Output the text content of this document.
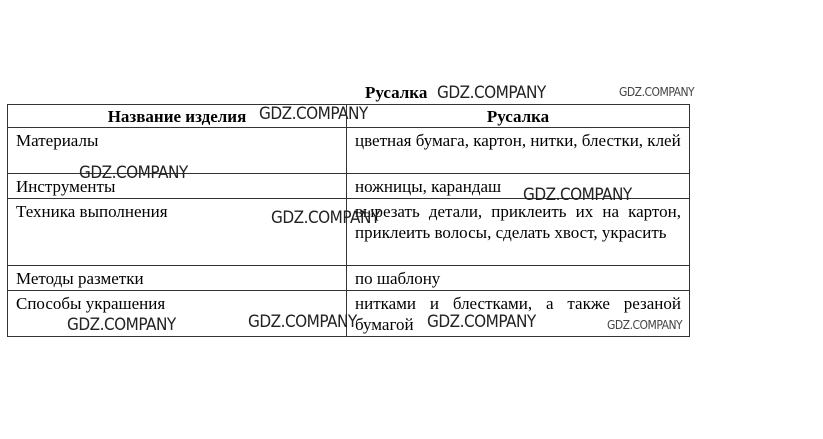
Русалка
Название изделия	Русалка
Материалы	цветная бумага, картон, нитки, блестки, клей
Инструменты	ножницы, карандаш
Техника выполнения	вырезать детали, приклеить их на картон, приклеить волосы, сделать хвост, украсить
Методы разметки	по шаблону
Способы украшения	нитками и блестками, а также резаной бумагой
GDZ.COMPANY	GDZ.COMPANY
GDZ.COMPANY
GDZ.COMPANY
GDZ.COMPANY
GDZ.COMPANY
GDZ.COMPANY	GDZ.COMPANY	GDZ.COMPANY	GDZ.COMPANY
